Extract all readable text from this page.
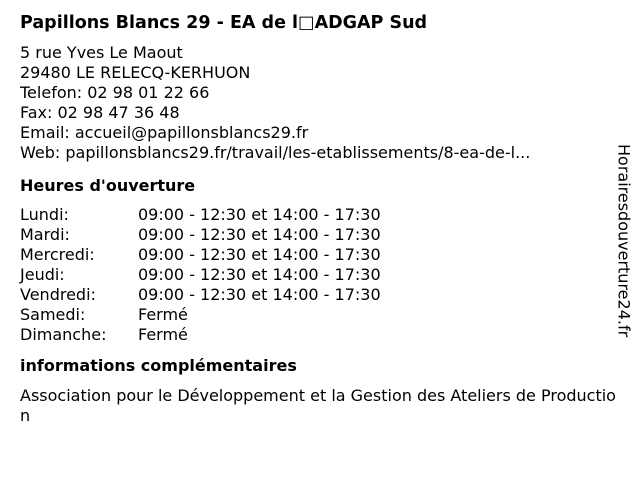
Papillons Blancs 29 - EA de l□ADGAP Sud
5 rue Yves Le Maout
29480 LE RELECQ-KERHUON
Telefon: 02 98 01 22 66
Fax: 02 98 47 36 48
Email: accueil@papillonsblancs29.fr
Web: papillonsblancs29.fr/travail/les-etablissements/8-ea-de-l...
Heures d'ouverture
Lundi:	09:00 - 12:30 et 14:00 - 17:30
Mardi:	09:00 - 12:30 et 14:00 - 17:30
Mercredi:	09:00 - 12:30 et 14:00 - 17:30
Jeudi:	09:00 - 12:30 et 14:00 - 17:30
Vendredi:	09:00 - 12:30 et 14:00 - 17:30
Samedi:	Fermé
Dimanche:	Fermé
informations complémentaires
Association pour le Développement et la Gestion des Ateliers de Production
Horairesdouverture24.fr
